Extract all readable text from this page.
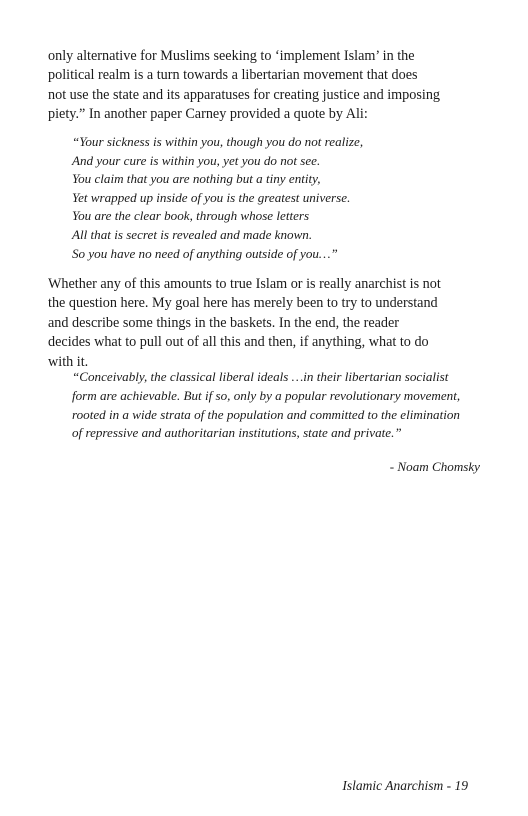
only alternative for Muslims seeking to ‘implement Islam’ in the
political realm is a turn towards a libertarian movement that does
not use the state and its apparatuses for creating justice and imposing
piety.” In another paper Carney provided a quote by Ali:

“Your sickness is within you, though you do not realize,
And your cure is within you, yet you do not see.
You claim that you are nothing but a tiny entity,
Yet wrapped up inside of you is the greatest universe.
You are the clear book, through whose letters
All that is secret is revealed and made known.
So you have no need of anything outside of you…”

Whether any of this amounts to true Islam or is really anarchist is not
the question here. My goal here has merely been to try to understand
and describe some things in the baskets. In the end, the reader
decides what to pull out of all this and then, if anything, what to do
with it.

“Conceivably, the classical liberal ideals …in their libertarian socialist
form are achievable. But if so, only by a popular revolutionary movement,
rooted in a wide strata of the population and committed to the elimination
of repressive and authoritarian institutions, state and private.”

- Noam Chomsky

Islamic Anarchism - 19
